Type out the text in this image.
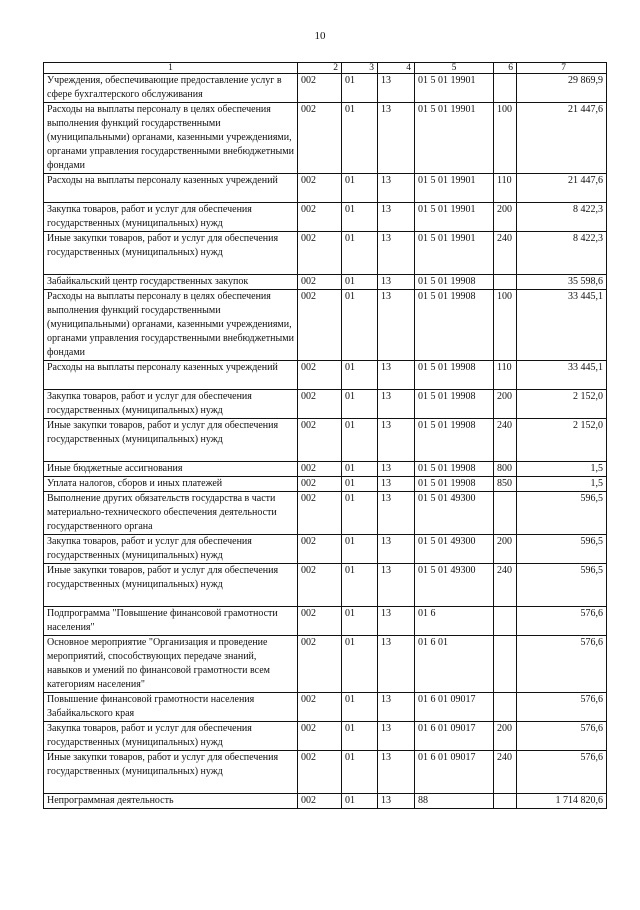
10
1	2	3	4	5	6	7
Учреждения, обеспечивающие предоставление услуг в сфере бухгалтерского обслуживания	002	01	13	01 5 01 19901		29 869,9
Расходы на выплаты персоналу в целях обеспечения выполнения функций государственными (муниципальными) органами, казенными учреждениями, органами управления государственными внебюджетными фондами	002	01	13	01 5 01 19901	100	21 447,6
Расходы на выплаты персоналу казенных учреждений	002	01	13	01 5 01 19901	110	21 447,6
Закупка товаров, работ и услуг для обеспечения государственных (муниципальных) нужд	002	01	13	01 5 01 19901	200	8 422,3
Иные закупки товаров, работ и услуг для обеспечения государственных (муниципальных) нужд	002	01	13	01 5 01 19901	240	8 422,3
Забайкальский центр государственных закупок	002	01	13	01 5 01 19908		35 598,6
Расходы на выплаты персоналу в целях обеспечения выполнения функций государственными (муниципальными) органами, казенными учреждениями, органами управления государственными внебюджетными фондами	002	01	13	01 5 01 19908	100	33 445,1
Расходы на выплаты персоналу казенных учреждений	002	01	13	01 5 01 19908	110	33 445,1
Закупка товаров, работ и услуг для обеспечения государственных (муниципальных) нужд	002	01	13	01 5 01 19908	200	2 152,0
Иные закупки товаров, работ и услуг для обеспечения государственных (муниципальных) нужд	002	01	13	01 5 01 19908	240	2 152,0
Иные бюджетные ассигнования	002	01	13	01 5 01 19908	800	1,5
Уплата налогов, сборов и иных платежей	002	01	13	01 5 01 19908	850	1,5
Выполнение других обязательств государства в части материально-технического обеспечения деятельности государственного органа	002	01	13	01 5 01 49300		596,5
Закупка товаров, работ и услуг для обеспечения государственных (муниципальных) нужд	002	01	13	01 5 01 49300	200	596,5
Иные закупки товаров, работ и услуг для обеспечения государственных (муниципальных) нужд	002	01	13	01 5 01 49300	240	596,5
Подпрограмма "Повышение финансовой грамотности населения"	002	01	13	01 6		576,6
Основное мероприятие "Организация и проведение мероприятий, способствующих передаче знаний, навыков и умений по финансовой грамотности всем категориям населения"	002	01	13	01 6 01		576,6
Повышение финансовой грамотности населения Забайкальского края	002	01	13	01 6 01 09017		576,6
Закупка товаров, работ и услуг для обеспечения государственных (муниципальных) нужд	002	01	13	01 6 01 09017	200	576,6
Иные закупки товаров, работ и услуг для обеспечения государственных (муниципальных) нужд	002	01	13	01 6 01 09017	240	576,6
Непрограммная деятельность	002	01	13	88		1 714 820,6
